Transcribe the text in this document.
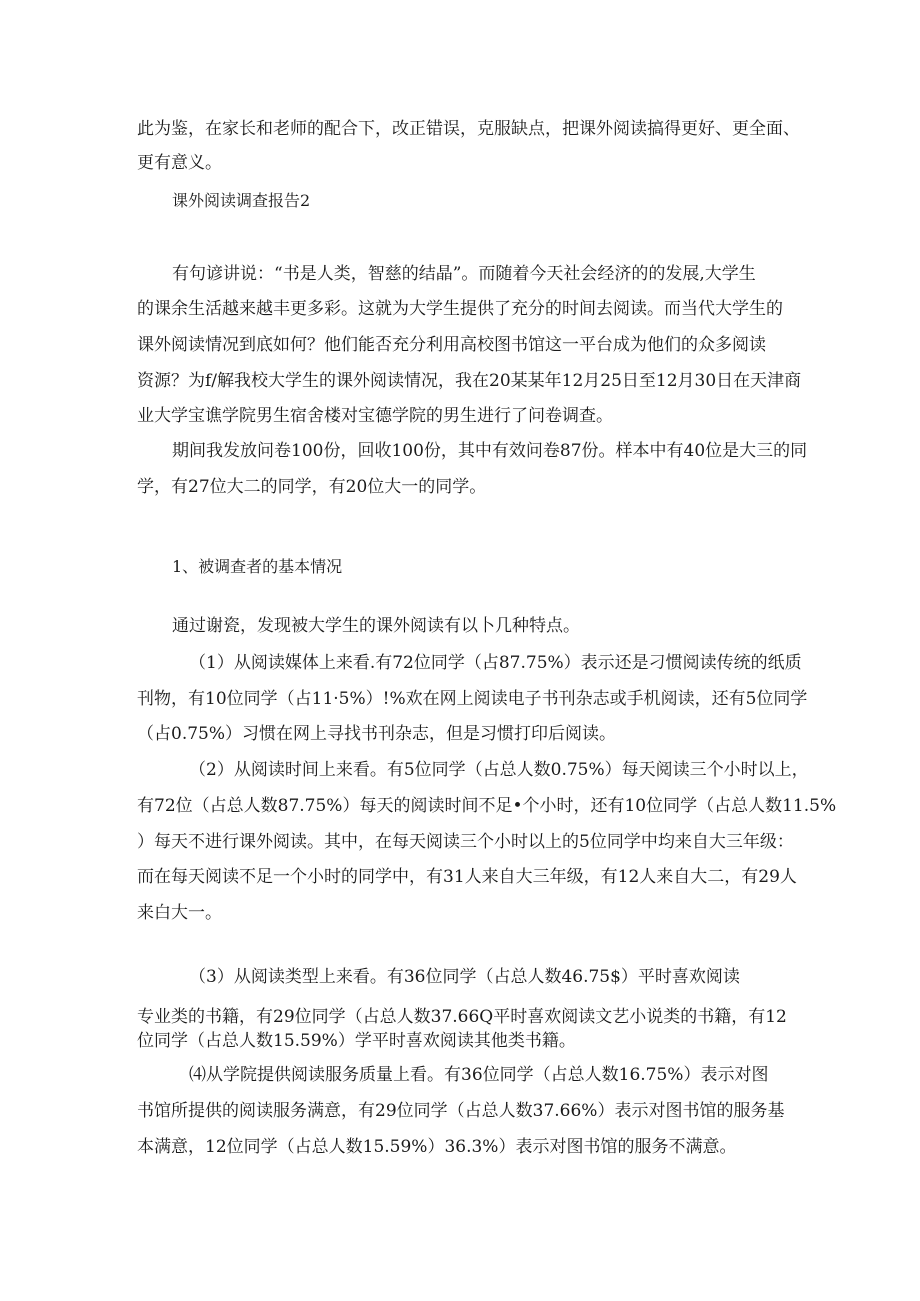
此为鉴，在家长和老师的配合下，改正错误，克服缺点，把课外阅读搞得更好、更全面、
更有意义。
课外阅读调查报告2
有句谚讲说：“书是人类，智慈的结晶”。而随着今天社会经济的的发展,大学生
的课余生活越来越丰更多彩。这就为大学生提供了充分的时间去阅读。而当代大学生的
课外阅读情况到底如何？他们能否充分利用高校图书馆这一平台成为他们的众多阅读
资源？为f/解我校大学生的课外阅读情况，我在20某某年12月25日至12月30日在天津商
业大学宝谯学院男生宿舍楼对宝德学院的男生进行了问卷调查。
期间我发放问卷100份，回收100份，其中有效问卷87份。样本中有40位是大三的同
学，有27位大二的同学，有20位大一的同学。
1、被调查者的基本情况
通过谢瓷，发现被大学生的课外阅读有以卜几种特点。
（1）从阅读媒体上来看.有72位同学（占87.75%）表示还是刁惯阅读传统的纸质
刊物，有10位同学（占11·5%）!%欢在网上阅读电子书刊杂志或手机阅读，还有5位同学
（占0.75%）习惯在网上寻找书刊杂志，但是习惯打印后阅读。
（2）从阅读时间上来看。有5位同学（占总人数0.75%）每天阅读三个小时以上，
有72位（占总人数87.75%）每天的阅读时间不足•个小时，还有10位同学（占总人数11.5%
）每天不进行课外阅读。其中，在每天阅读三个小时以上的5位同学中均来自大三年级：
而在每天阅读不足一个小时的同学中，有31人来自大三年级，有12人来自大二，有29人
来白大一。
（3）从阅读类型上来看。有36位同学（占总人数46.75$）平时喜欢阅读
专业类的书籍，有29位同学（占总人数37.66Q平时喜欢阅读文艺小说类的书籍，有12
位同学（占总人数15.59%）学平时喜欢阅读其他类书籍。
⑷从学院提供阅读服务质量上看。有36位同学（占总人数16.75%）表示对图
书馆所提供的阅读服务满意，有29位同学（占总人数37.66%）表示对图书馆的服务基
本满意，12位同学（占总人数15.59%）36.3%）表示对图书馆的服务不满意。
